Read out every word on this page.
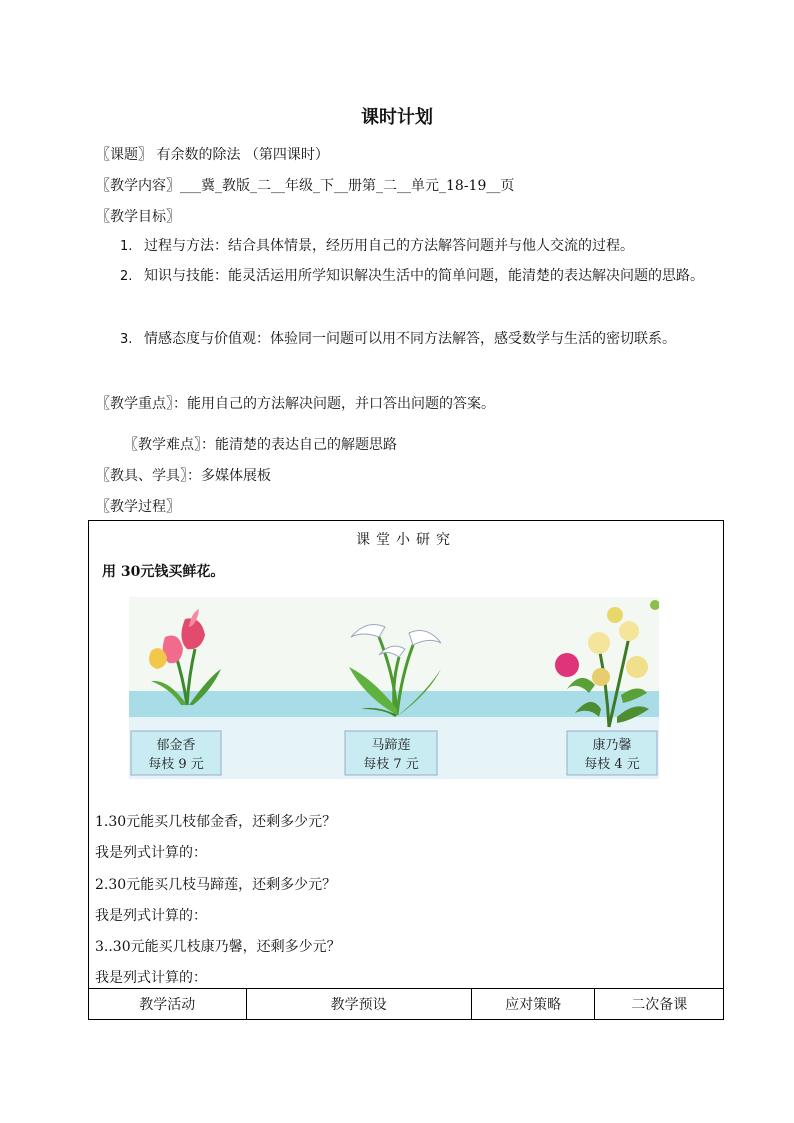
课时计划
〖课题〗 有余数的除法 （第四课时）
〖教学内容〗___冀_教版_二__年级_下__册第_二__单元_18-19__页
〖教学目标〗
1. 过程与方法：结合具体情景，经历用自己的方法解答问题并与他人交流的过程。
2. 知识与技能：能灵活运用所学知识解决生活中的简单问题，能清楚的表达解决问题的思路。
3. 情感态度与价值观：体验同一问题可以用不同方法解答，感受数学与生活的密切联系。
〖教学重点〗：能用自己的方法解决问题，并口答出问题的答案。
〖教学难点〗：能清楚的表达自己的解题思路
〖教具、学具〗：多媒体展板
〖教学过程〗
课堂小研究
用 30元钱买鲜花。
郁金香
每枝 9 元
马蹄莲
每枝 7 元
康乃馨
每枝 4 元
1.30元能买几枝郁金香，还剩多少元？
我是列式计算的：
2.30元能买几枝马蹄莲，还剩多少元？
我是列式计算的：
3..30元能买几枝康乃馨，还剩多少元？
我是列式计算的：
教学活动	教学预设	应对策略	二次备课
